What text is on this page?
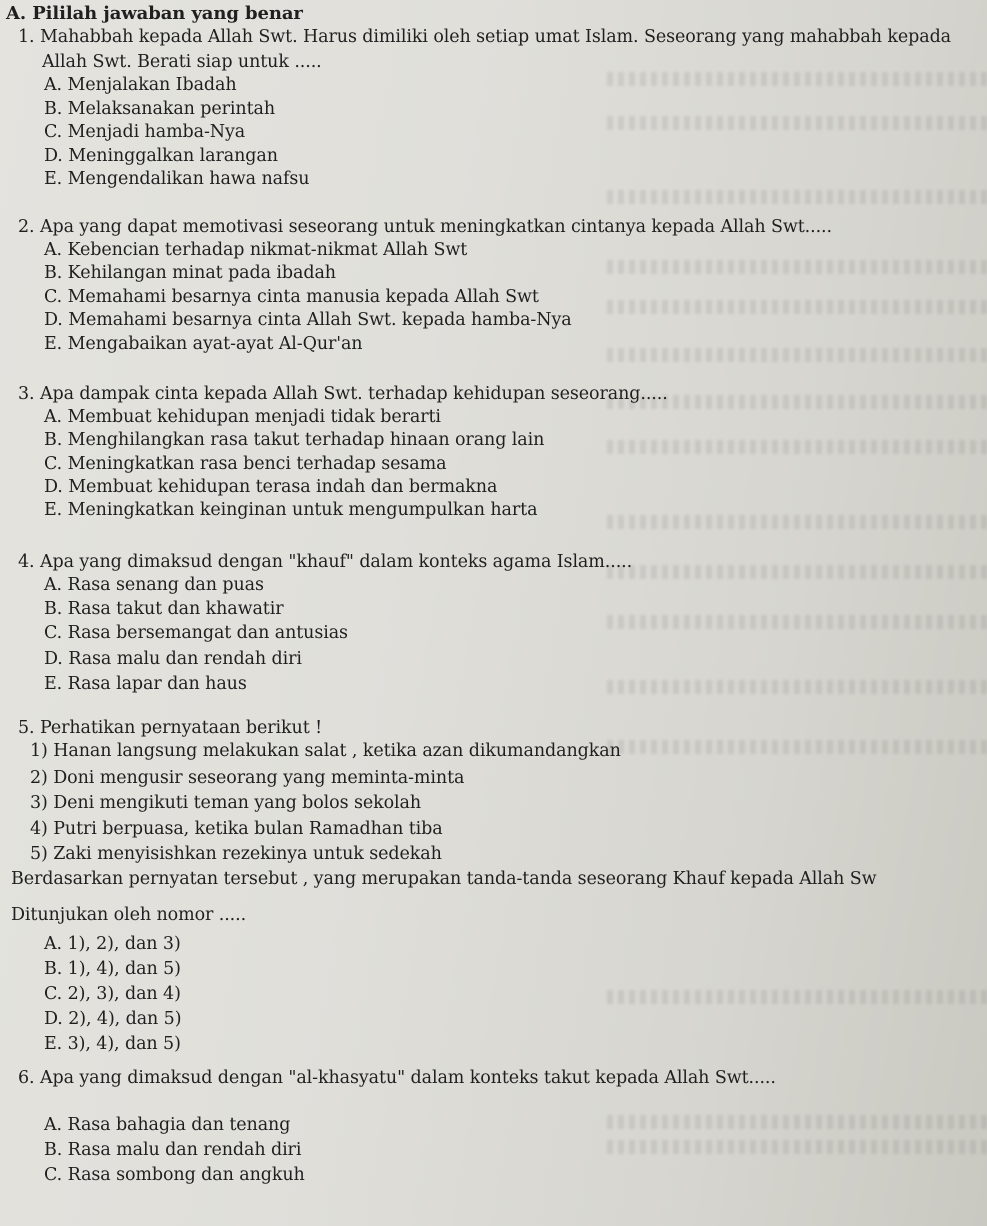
A. Pililah jawaban yang benar
1. Mahabbah kepada Allah Swt. Harus dimiliki oleh setiap umat Islam. Seseorang yang mahabbah kepada
Allah Swt. Berati siap untuk .....
A. Menjalakan Ibadah
B. Melaksanakan perintah
C. Menjadi hamba-Nya
D. Meninggalkan larangan
E. Mengendalikan hawa nafsu
2. Apa yang dapat memotivasi seseorang untuk meningkatkan cintanya kepada Allah Swt.....
A. Kebencian terhadap nikmat-nikmat Allah Swt
B. Kehilangan minat pada ibadah
C. Memahami besarnya cinta manusia kepada Allah Swt
D. Memahami besarnya cinta Allah Swt. kepada hamba-Nya
E. Mengabaikan ayat-ayat Al-Qur'an
3. Apa dampak cinta kepada Allah Swt. terhadap kehidupan seseorang.....
A. Membuat kehidupan menjadi tidak berarti
B. Menghilangkan rasa takut terhadap hinaan orang lain
C. Meningkatkan rasa benci terhadap sesama
D. Membuat kehidupan terasa indah dan bermakna
E. Meningkatkan keinginan untuk mengumpulkan harta
4. Apa yang dimaksud dengan "khauf" dalam konteks agama Islam.....
A. Rasa senang dan puas
B. Rasa takut dan khawatir
C. Rasa bersemangat dan antusias
D. Rasa malu dan rendah diri
E. Rasa lapar dan haus
5. Perhatikan pernyataan berikut !
1) Hanan langsung melakukan salat , ketika azan dikumandangkan
2) Doni mengusir seseorang yang meminta-minta
3) Deni mengikuti teman yang bolos sekolah
4) Putri berpuasa, ketika bulan Ramadhan tiba
5) Zaki menyisishkan rezekinya untuk sedekah
Berdasarkan pernyatan tersebut , yang merupakan tanda-tanda seseorang Khauf kepada Allah Sw
Ditunjukan oleh nomor .....
A. 1), 2), dan 3)
B. 1), 4), dan 5)
C. 2), 3), dan 4)
D. 2), 4), dan 5)
E. 3), 4), dan 5)
6. Apa yang dimaksud dengan "al-khasyatu" dalam konteks takut kepada Allah Swt.....
A. Rasa bahagia dan tenang
B. Rasa malu dan rendah diri
C. Rasa sombong dan angkuh
